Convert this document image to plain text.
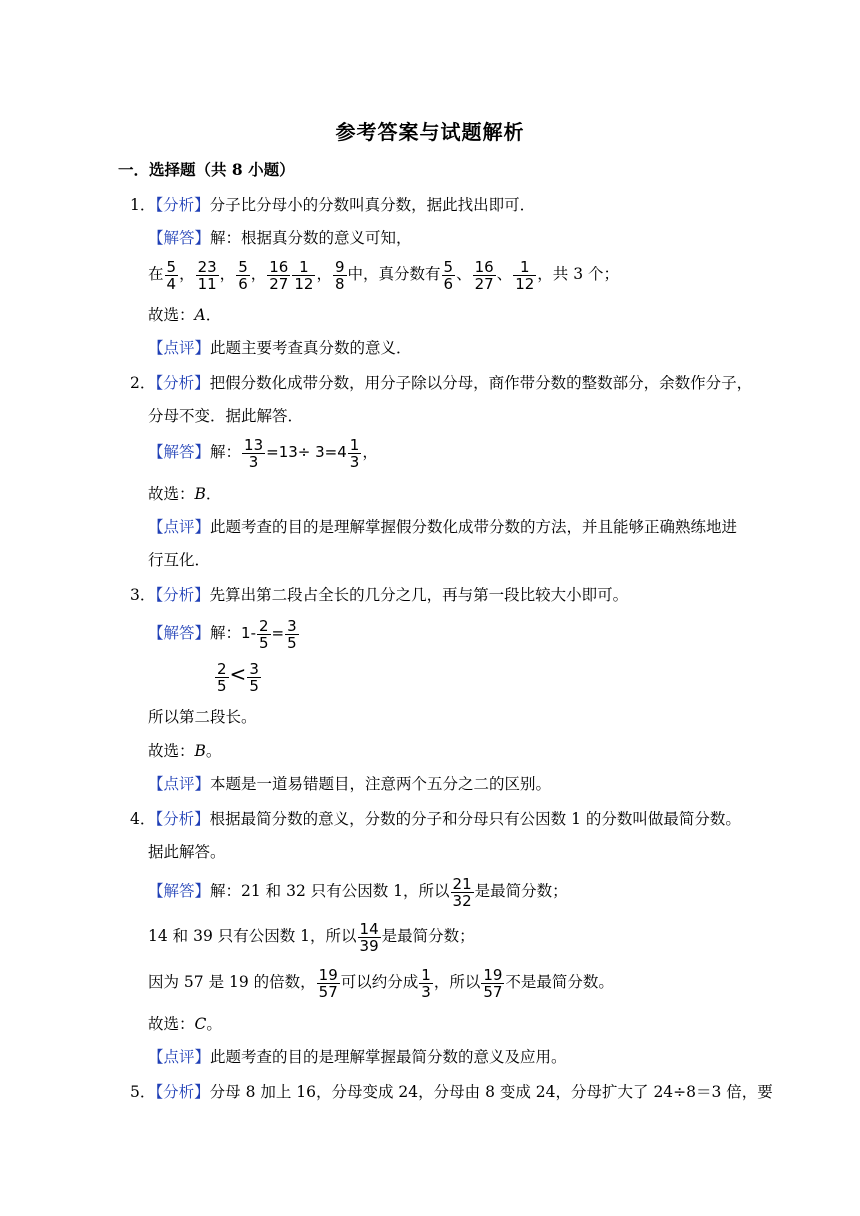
参考答案与试题解析
一．选择题（共 8 小题）
1．【分析】分子比分母小的分数叫真分数，据此找出即可．
【解答】解：根据真分数的意义可知，
在 $\frac{5}{4}$ ， $\frac{23}{11}$ ， $\frac{5}{6}$ ， $\frac{16}{27} \frac{1}{12}$ ， $\frac{9}{8}$ 中，真分数有 $\frac{5}{6}$ 、 $\frac{16}{27}$ 、 $\frac{1}{12}$ ，共 3 个；
故选：A．
【点评】此题主要考查真分数的意义．
2．【分析】把假分数化成带分数，用分子除以分母，商作带分数的整数部分，余数作分子，
分母不变．据此解答．
【解答】解： $\frac{13}{3} =13\div 3=4 \frac{1}{3}$ ，
故选：B．
【点评】此题考查的目的是理解掌握假分数化成带分数的方法，并且能够正确熟练地进
行互化．
3．【分析】先算出第二段占全长的几分之几，再与第一段比较大小即可。
【解答】解：$1- \frac{2}{5} = \frac{3}{5}$
$\frac{2}{5} < \frac{3}{5}$
所以第二段长。
故选：B。
【点评】本题是一道易错题目，注意两个五分之二的区别。
4．【分析】根据最简分数的意义，分数的分子和分母只有公因数 1 的分数叫做最简分数。
据此解答。
【解答】解：21 和 32 只有公因数 1，所以 $\frac{21}{32}$ 是最简分数；
14 和 39 只有公因数 1，所以 $\frac{14}{39}$ 是最简分数；
因为 57 是 19 的倍数， $\frac{19}{57}$ 可以约分成 $\frac{1}{3}$ ，所以 $\frac{19}{57}$ 不是最简分数。
故选：C。
【点评】此题考查的目的是理解掌握最简分数的意义及应用。
5．【分析】分母 8 加上 16，分母变成 24，分母由 8 变成 24，分母扩大了 24÷8＝3 倍，要
